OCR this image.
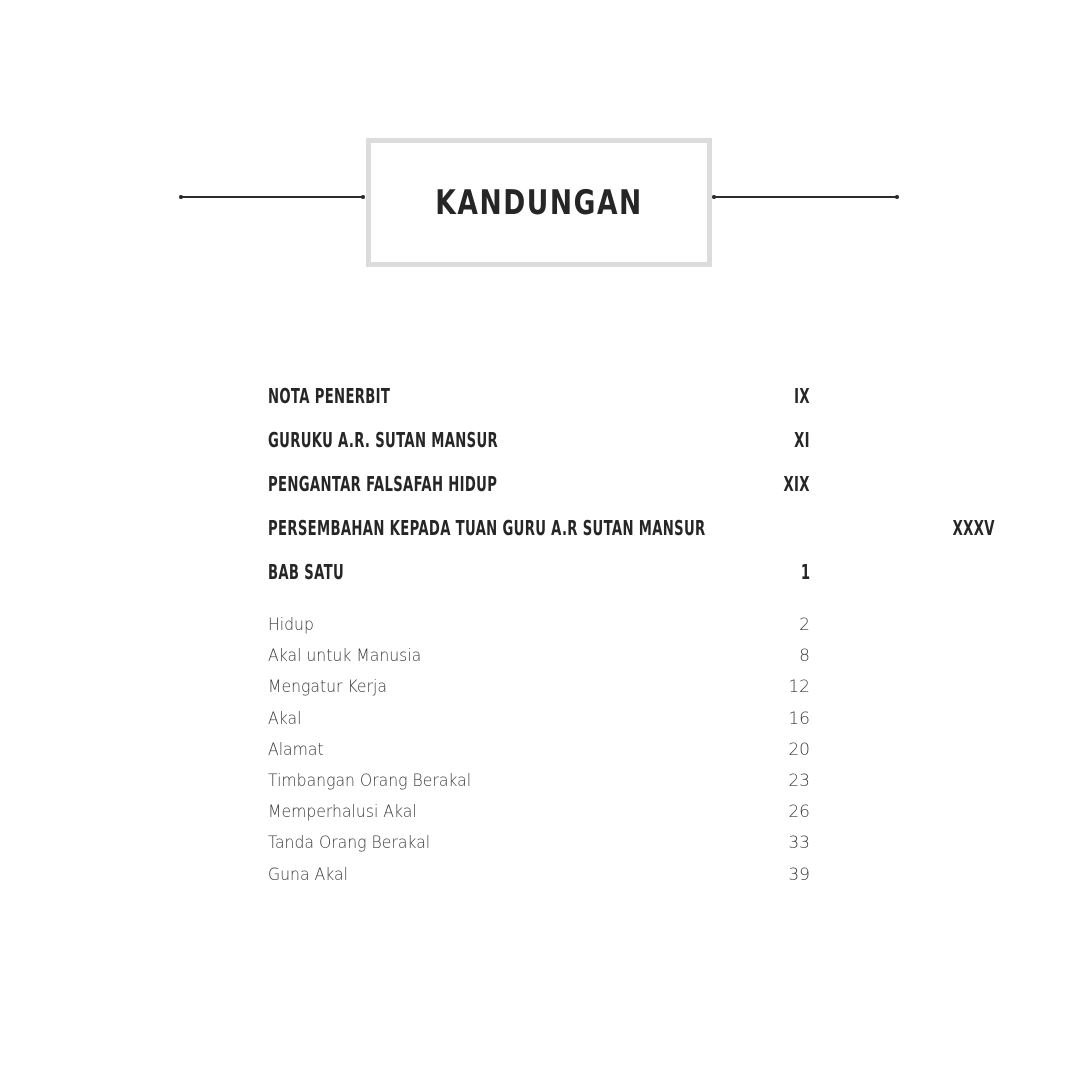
KANDUNGAN
NOTA PENERBIT	IX
GURUKU A.R. SUTAN MANSUR	XI
PENGANTAR FALSAFAH HIDUP	XIX
PERSEMBAHAN KEPADA TUAN GURU A.R SUTAN MANSUR	XXXV
BAB SATU	1
Hidup	2
Akal untuk Manusia	8
Mengatur Kerja	12
Akal	16
Alamat	20
Timbangan Orang Berakal	23
Memperhalusi Akal	26
Tanda Orang Berakal	33
Guna Akal	39
